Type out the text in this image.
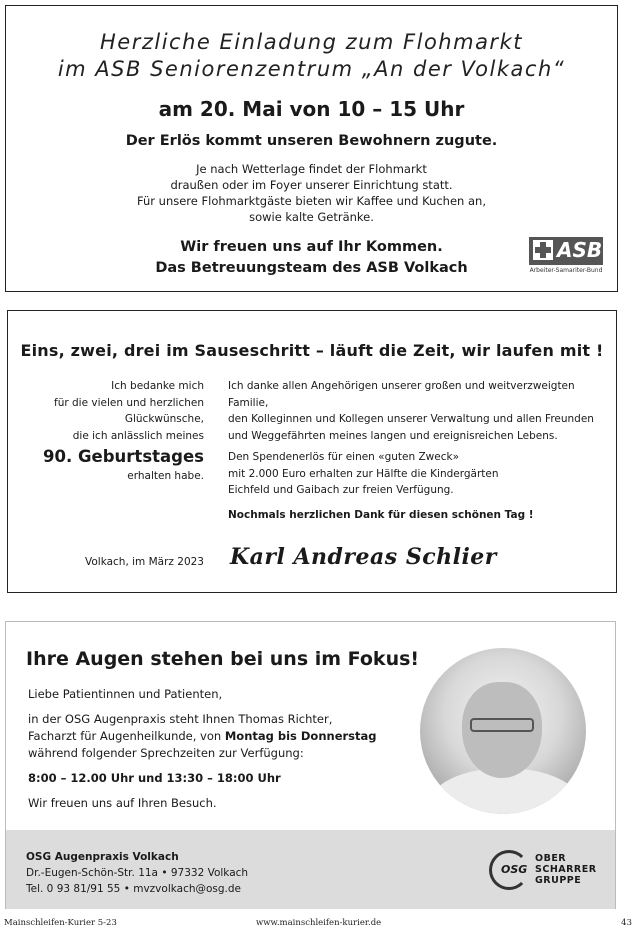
Herzliche Einladung zum Flohmarkt
im ASB Seniorenzentrum „An der Volkach“
am 20. Mai von 10 – 15 Uhr
Der Erlös kommt unseren Bewohnern zugute.
Je nach Wetterlage findet der Flohmarkt
draußen oder im Foyer unserer Einrichtung statt.
Für unsere Flohmarktgäste bieten wir Kaffee und Kuchen an,
sowie kalte Getränke.
Wir freuen uns auf Ihr Kommen.
Das Betreuungsteam des ASB Volkach
ASB
Arbeiter-Samariter-Bund
Eins, zwei, drei im Sauseschritt – läuft die Zeit, wir laufen mit !
Ich bedanke mich
für die vielen und herzlichen
Glückwünsche,
die ich anlässlich meines
90. Geburtstages
erhalten habe.

Ich danke allen Angehörigen unserer großen und weitverzweigten Familie,
den Kolleginnen und Kollegen unserer Verwaltung und allen Freunden
und Weggefährten meines langen und ereignisreichen Lebens.

Den Spendenerlös für einen «guten Zweck»
mit 2.000 Euro erhalten zur Hälfte die Kindergärten
Eichfeld und Gaibach zur freien Verfügung.

Nochmals herzlichen Dank für diesen schönen Tag !

Volkach, im März 2023 Karl Andreas Schlier
Ihre Augen stehen bei uns im Fokus!

Liebe Patientinnen und Patienten,

in der OSG Augenpraxis steht Ihnen Thomas Richter,
Facharzt für Augenheilkunde, von Montag bis Donnerstag
während folgender Sprechzeiten zur Verfügung:

8:00 – 12.00 Uhr und 13:30 – 18:00 Uhr

Wir freuen uns auf Ihren Besuch.

OSG Augenpraxis Volkach
Dr.-Eugen-Schön-Str. 11a • 97332 Volkach
Tel. 0 93 81/91 55 • mvzvolkach@osg.de
OSG
OBER
SCHARRER
GRUPPE
Mainschleifen-Kurier 5-23	www.mainschleifen-kurier.de	43
